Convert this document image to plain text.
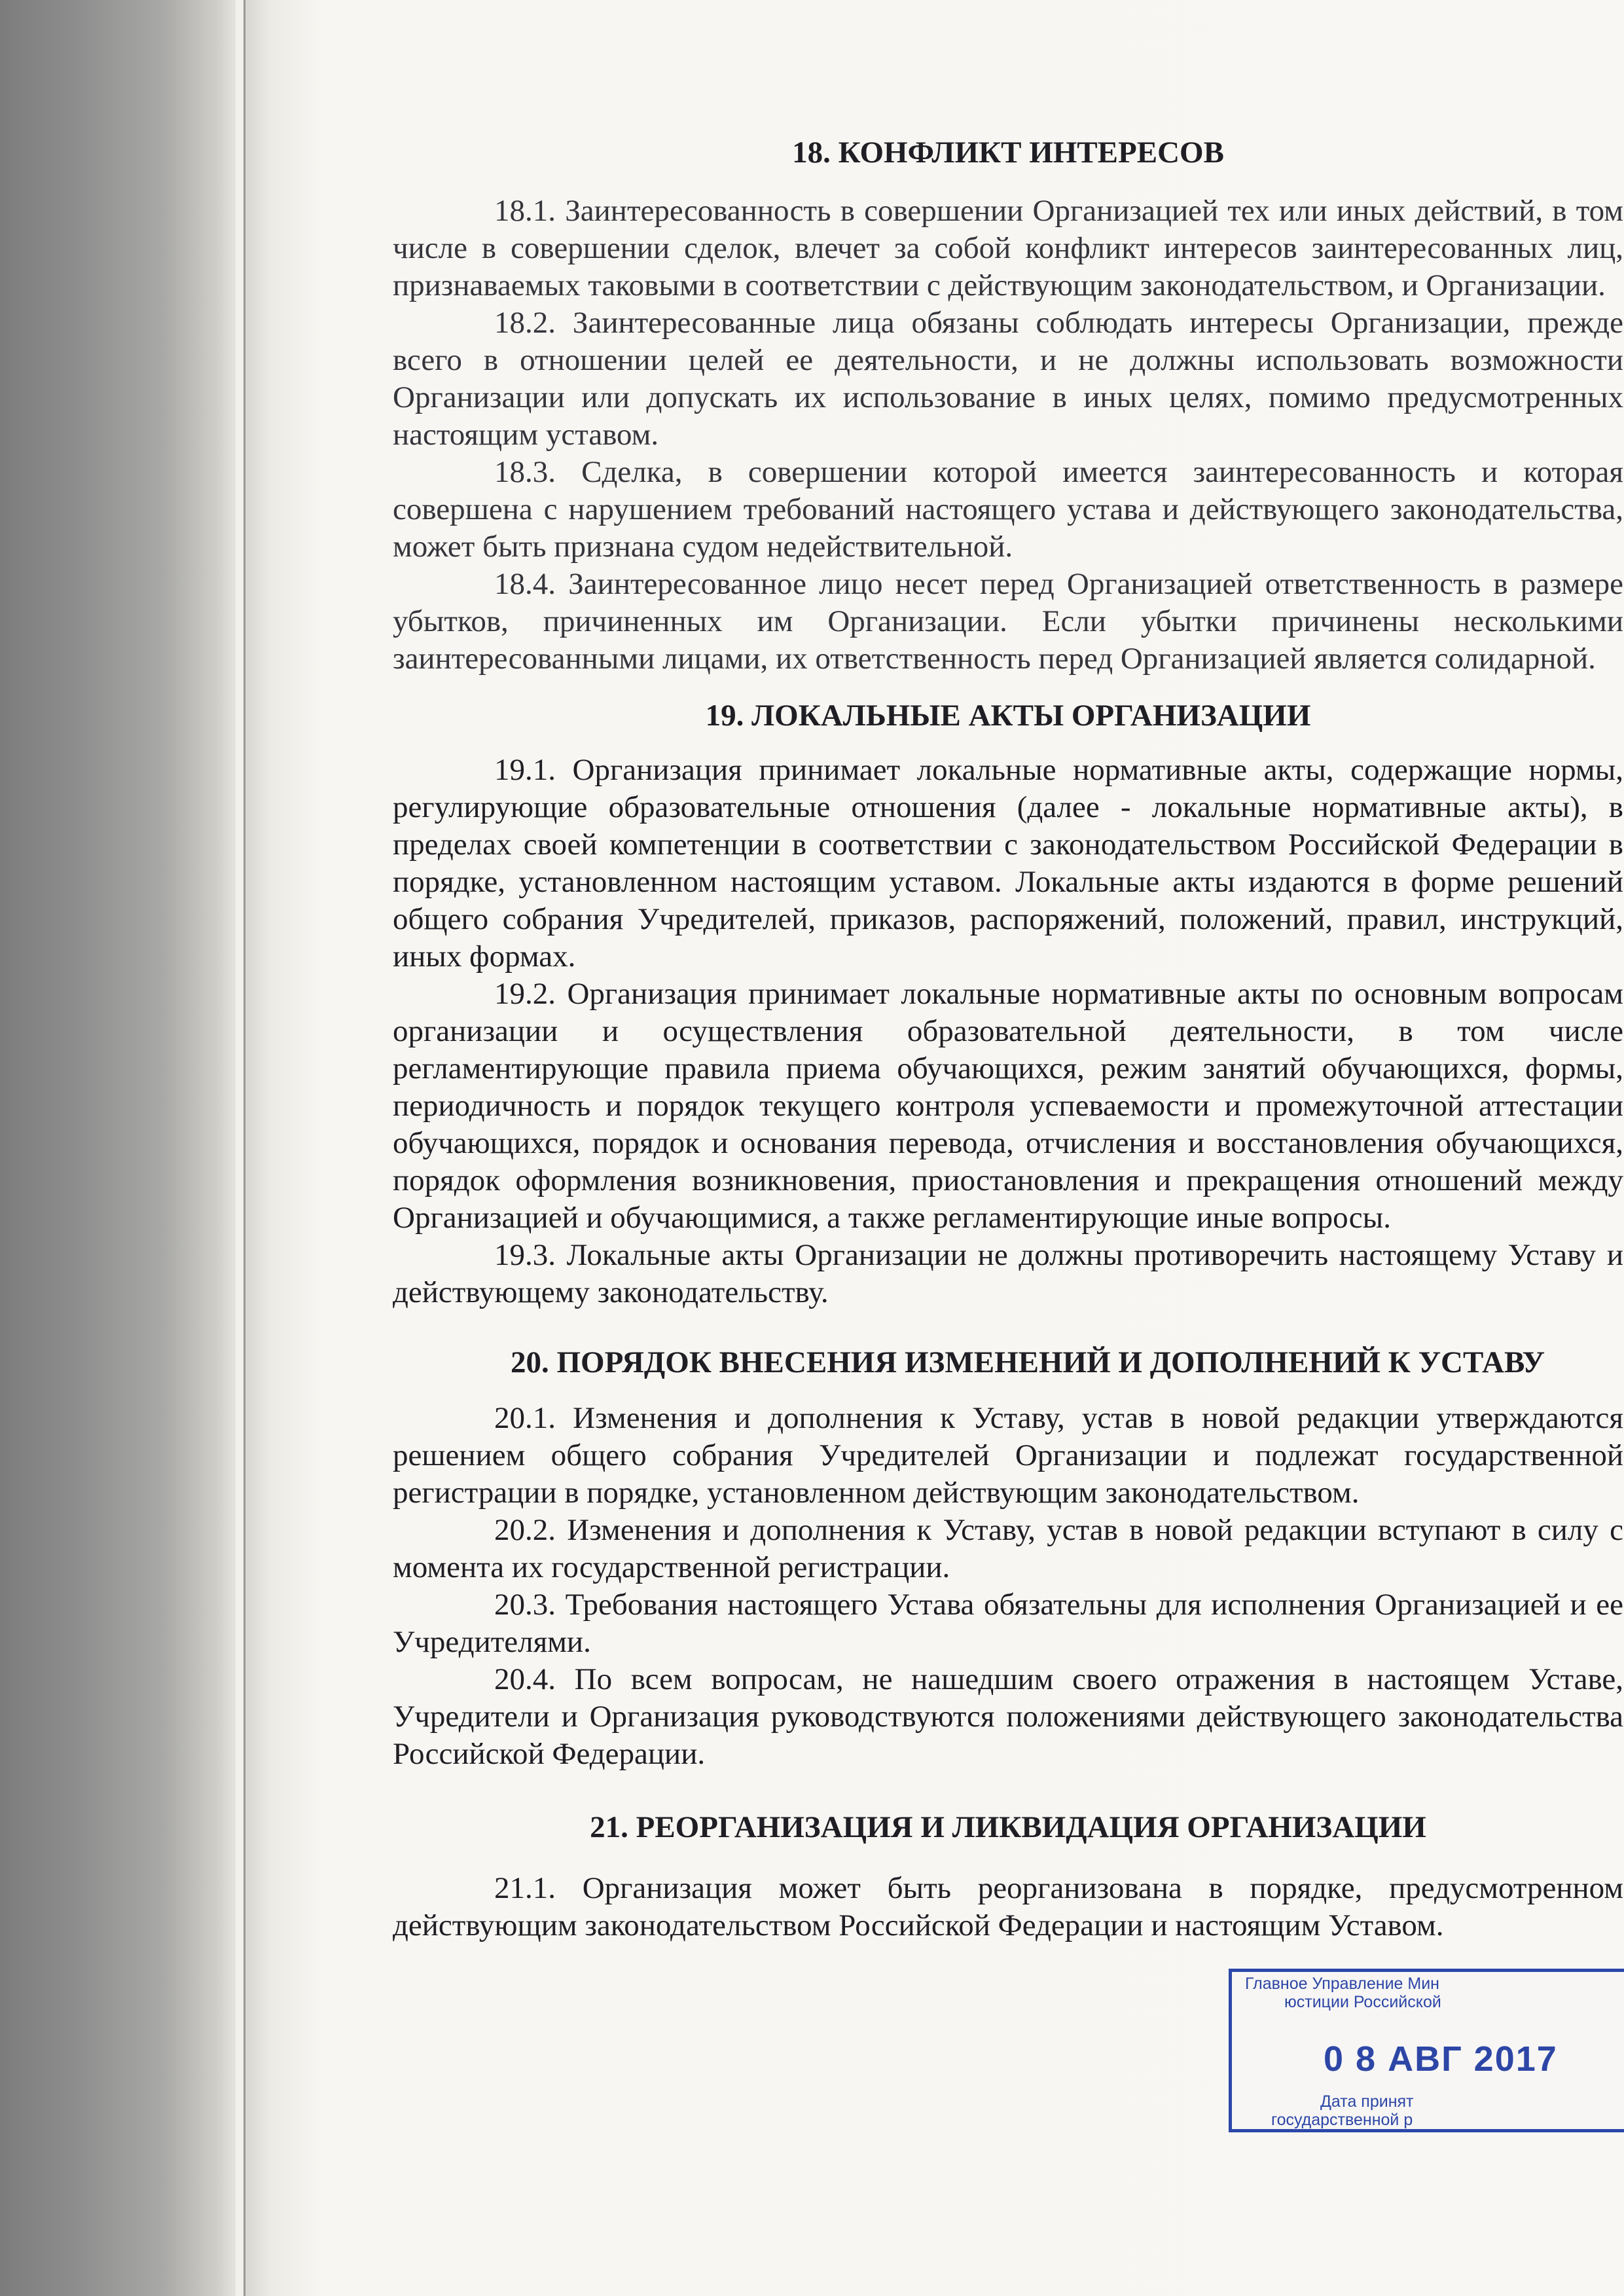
18. КОНФЛИКТ ИНТЕРЕСОВ

18.1. Заинтересованность в совершении Организацией тех или иных действий, в том числе в совершении сделок, влечет за собой конфликт интересов заинтересованных лиц, признаваемых таковыми в соответствии с действующим законодательством, и Организации.

18.2. Заинтересованные лица обязаны соблюдать интересы Организации, прежде всего в отношении целей ее деятельности, и не должны использовать возможности Организации или допускать их использование в иных целях, помимо предусмотренных настоящим уставом.

18.3. Сделка, в совершении которой имеется заинтересованность и которая совершена с нарушением требований настоящего устава и действующего законодательства, может быть признана судом недействительной.

18.4. Заинтересованное лицо несет перед Организацией ответственность в размере убытков, причиненных им Организации. Если убытки причинены несколькими заинтересованными лицами, их ответственность перед Организацией является солидарной.

19. ЛОКАЛЬНЫЕ АКТЫ ОРГАНИЗАЦИИ

19.1. Организация принимает локальные нормативные акты, содержащие нормы, регулирующие образовательные отношения (далее - локальные нормативные акты), в пределах своей компетенции в соответствии с законодательством Российской Федерации в порядке, установленном настоящим уставом. Локальные акты издаются в форме решений общего собрания Учредителей, приказов, распоряжений, положений, правил, инструкций, иных формах.

19.2. Организация принимает локальные нормативные акты по основным вопросам организации и осуществления образовательной деятельности, в том числе регламентирующие правила приема обучающихся, режим занятий обучающихся, формы, периодичность и порядок текущего контроля успеваемости и промежуточной аттестации обучающихся, порядок и основания перевода, отчисления и восстановления обучающихся, порядок оформления возникновения, приостановления и прекращения отношений между Организацией и обучающимися, а также регламентирующие иные вопросы.

19.3. Локальные акты Организации не должны противоречить настоящему Уставу и действующему законодательству.

20. ПОРЯДОК ВНЕСЕНИЯ ИЗМЕНЕНИЙ И ДОПОЛНЕНИЙ К УСТАВУ

20.1. Изменения и дополнения к Уставу, устав в новой редакции утверждаются решением общего собрания Учредителей Организации и подлежат государственной регистрации в порядке, установленном действующим законодательством.

20.2. Изменения и дополнения к Уставу, устав в новой редакции вступают в силу с момента их государственной регистрации.

20.3. Требования настоящего Устава обязательны для исполнения Организацией и ее Учредителями.

20.4. По всем вопросам, не нашедшим своего отражения в настоящем Уставе, Учредители и Организация руководствуются положениями действующего законодательства Российской Федерации.

21. РЕОРГАНИЗАЦИЯ И ЛИКВИДАЦИЯ ОРГАНИЗАЦИИ

21.1. Организация может быть реорганизована в порядке, предусмотренном действующим законодательством Российской Федерации и настоящим Уставом.

Главное Управление Мин
юстиции Российской
0 8 АВГ 2017
Дата принят
государственной р
